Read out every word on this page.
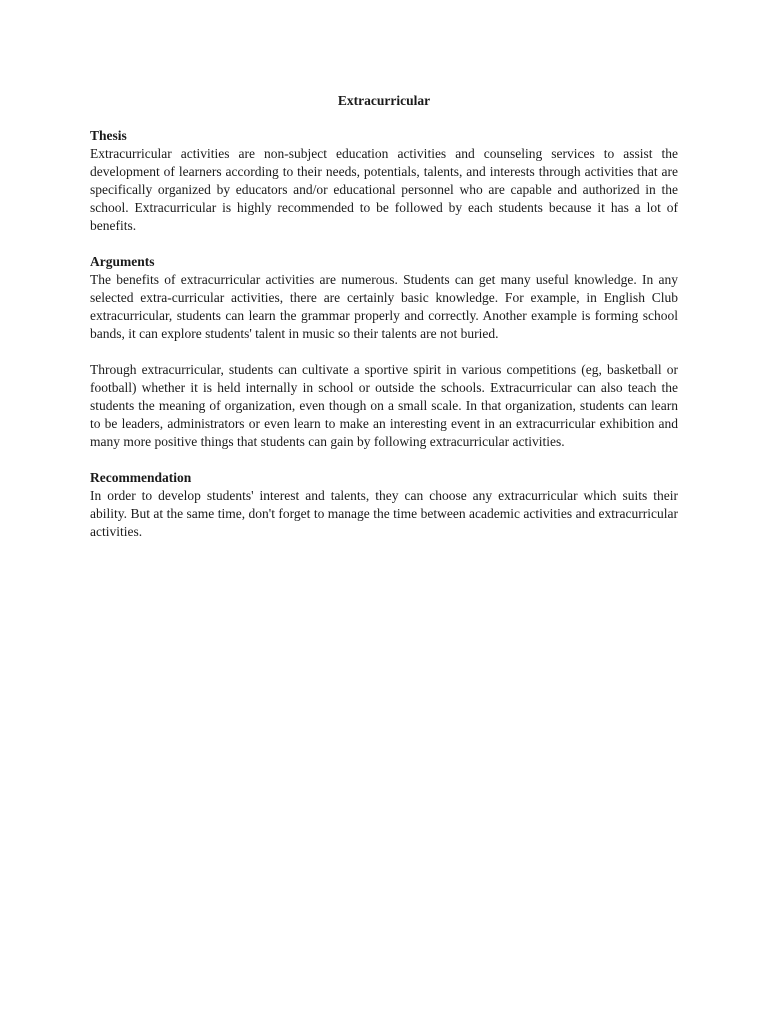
Extracurricular
Thesis

Extracurricular activities are non-subject education activities and counseling services to assist the development of learners according to their needs, potentials, talents, and interests through activities that are specifically organized by educators and/or educational personnel who are capable and authorized in the school. Extracurricular is highly recommended to be followed by each students because it has a lot of benefits.

Arguments

The benefits of extracurricular activities are numerous. Students can get many useful knowledge. In any selected extra-curricular activities, there are certainly basic knowledge. For example, in English Club extracurricular, students can learn the grammar properly and correctly. Another example is forming school bands, it can explore students' talent in music so their talents are not buried.

Through extracurricular, students can cultivate a sportive spirit in various competitions (eg, basketball or football) whether it is held internally in school or outside the schools. Extracurricular can also teach the students the meaning of organization, even though on a small scale. In that organization, students can learn to be leaders, administrators or even learn to make an interesting event in an extracurricular exhibition and many more positive things that students can gain by following extracurricular activities.

Recommendation

In order to develop students' interest and talents, they can choose any extracurricular which suits their ability. But at the same time, don't forget to manage the time between academic activities and extracurricular activities.
